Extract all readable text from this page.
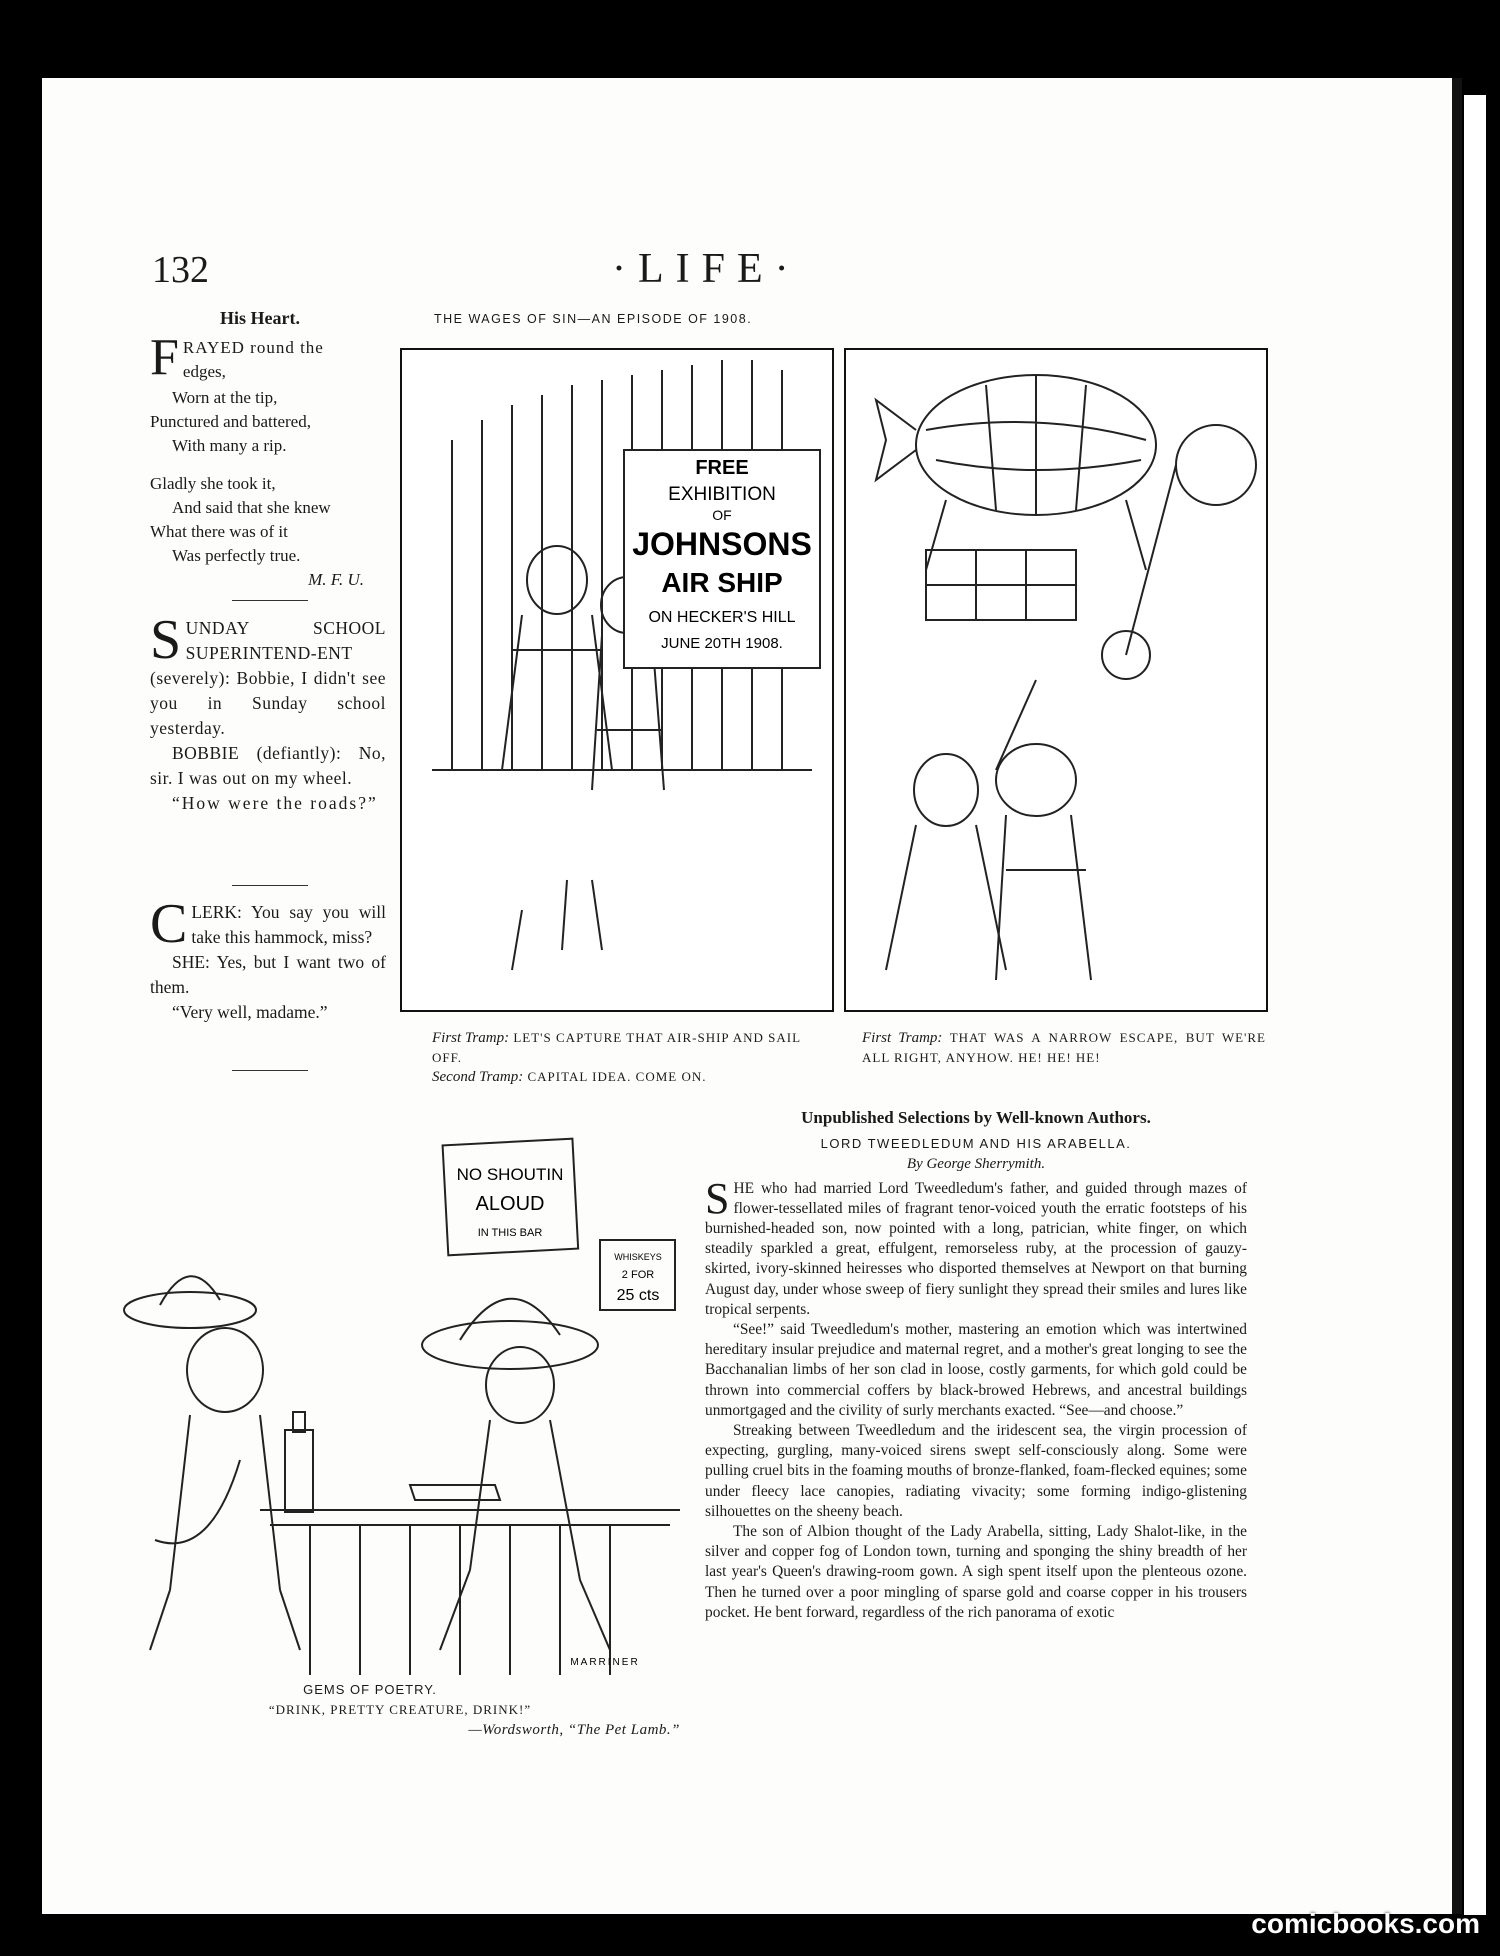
132	·LIFE·
His Heart.
F RAYED round the
edges,
Worn at the tip,
Punctured and battered,
With many a rip.
Gladly she took it,
And said that she knew
What there was of it
Was perfectly true.
M. F. U.
S UNDAY SCHOOL SUPERINTEND-ENT (severely): Bobbie, I didn't see you in Sunday school yesterday.

BOBBIE (defiantly): No, sir. I was out on my wheel.

“How were the roads?”

C LERK: You say you will take this hammock, miss?

SHE: Yes, but I want two of them.

“Very well, madame.”

THE WAGES OF SIN—AN EPISODE OF 1908.
FREE
EXHIBITION
OF
JOHNSONS
AIR SHIP
ON HECKER'S HILL
JUNE 20TH 1908.
First Tramp: LET'S CAPTURE THAT AIR-SHIP AND SAIL OFF.
Second Tramp: CAPITAL IDEA. COME ON.
First Tramp: THAT WAS A NARROW ESCAPE, BUT WE'RE ALL RIGHT, ANYHOW. HE! HE! HE!
NO SHOUTIN
ALOUD
IN THIS BAR
WHISKEYS
2 FOR
25 cts
MARRINER
GEMS OF POETRY.
“DRINK, PRETTY CREATURE, DRINK!”
—Wordsworth, “The Pet Lamb.”
Unpublished Selections by Well-known Authors.
LORD TWEEDLEDUM AND HIS ARABELLA.
By George Sherrymith.
S HE who had married Lord Tweedledum's father, and guided through mazes of flower-tessellated miles of fragrant tenor-voiced youth the erratic footsteps of his burnished-headed son, now pointed with a long, patrician, white finger, on which steadily sparkled a great, effulgent, remorseless ruby, at the procession of gauzy-skirted, ivory-skinned heiresses who disported themselves at Newport on that burning August day, under whose sweep of fiery sunlight they spread their smiles and lures like tropical serpents.

“See!” said Tweedledum's mother, mastering an emotion which was intertwined hereditary insular prejudice and maternal regret, and a mother's great longing to see the Bacchanalian limbs of her son clad in loose, costly garments, for which gold could be thrown into commercial coffers by black-browed Hebrews, and ancestral buildings unmortgaged and the civility of surly merchants exacted. “See—and choose.”

Streaking between Tweedledum and the iridescent sea, the virgin procession of expecting, gurgling, many-voiced sirens swept self-consciously along. Some were pulling cruel bits in the foaming mouths of bronze-flanked, foam-flecked equines; some under fleecy lace canopies, radiating vivacity; some forming indigo-glistening silhouettes on the sheeny beach.

The son of Albion thought of the Lady Arabella, sitting, Lady Shalot-like, in the silver and copper fog of London town, turning and sponging the shiny breadth of her last year's Queen's drawing-room gown. A sigh spent itself upon the plenteous ozone. Then he turned over a poor mingling of sparse gold and coarse copper in his trousers pocket. He bent forward, regardless of the rich panorama of exotic

comicbooks.com
